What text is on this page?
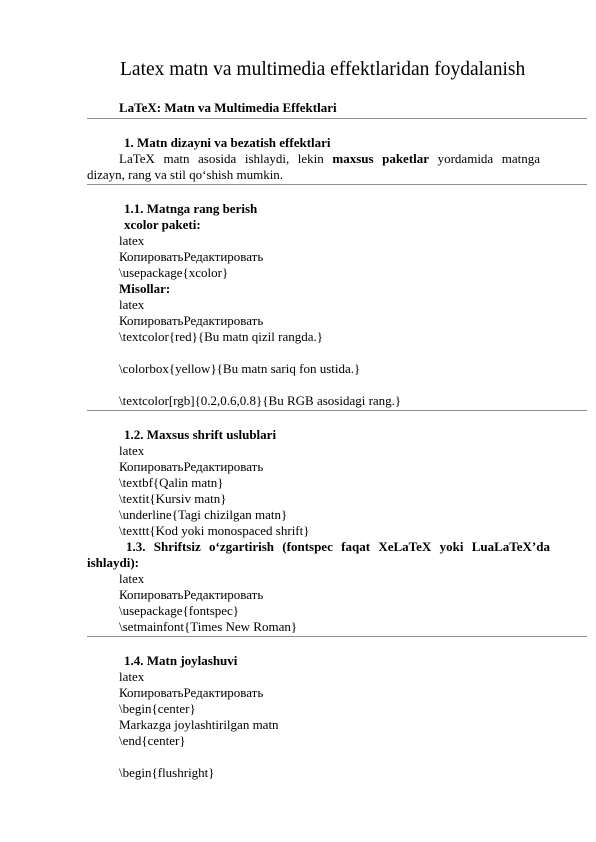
Latex matn va multimedia effektlaridan foydalanish
LaTeX: Matn va Multimedia Effektlari
1. Matn dizayni va bezatish effektlari
LaTeX matn asosida ishlaydi, lekin maxsus paketlar yordamida matnga
dizayn, rang va stil qo‘shish mumkin.
1.1. Matnga rang berish
xcolor paketi:
latex
КопироватьРедактировать
\usepackage{xcolor}
Misollar:
latex
КопироватьРедактировать
\textcolor{red}{Bu matn qizil rangda.}
\colorbox{yellow}{Bu matn sariq fon ustida.}
\textcolor[rgb]{0.2,0.6,0.8}{Bu RGB asosidagi rang.}
1.2. Maxsus shrift uslublari
latex
КопироватьРедактировать
\textbf{Qalin matn}
\textit{Kursiv matn}
\underline{Tagi chizilgan matn}
\texttt{Kod yoki monospaced shrift}
1.3. Shriftsiz o‘zgartirish (fontspec faqat XeLaTeX yoki LuaLaTeX’da
ishlaydi):
latex
КопироватьРедактировать
\usepackage{fontspec}
\setmainfont{Times New Roman}
1.4. Matn joylashuvi
latex
КопироватьРедактировать
\begin{center}
Markazga joylashtirilgan matn
\end{center}
\begin{flushright}
